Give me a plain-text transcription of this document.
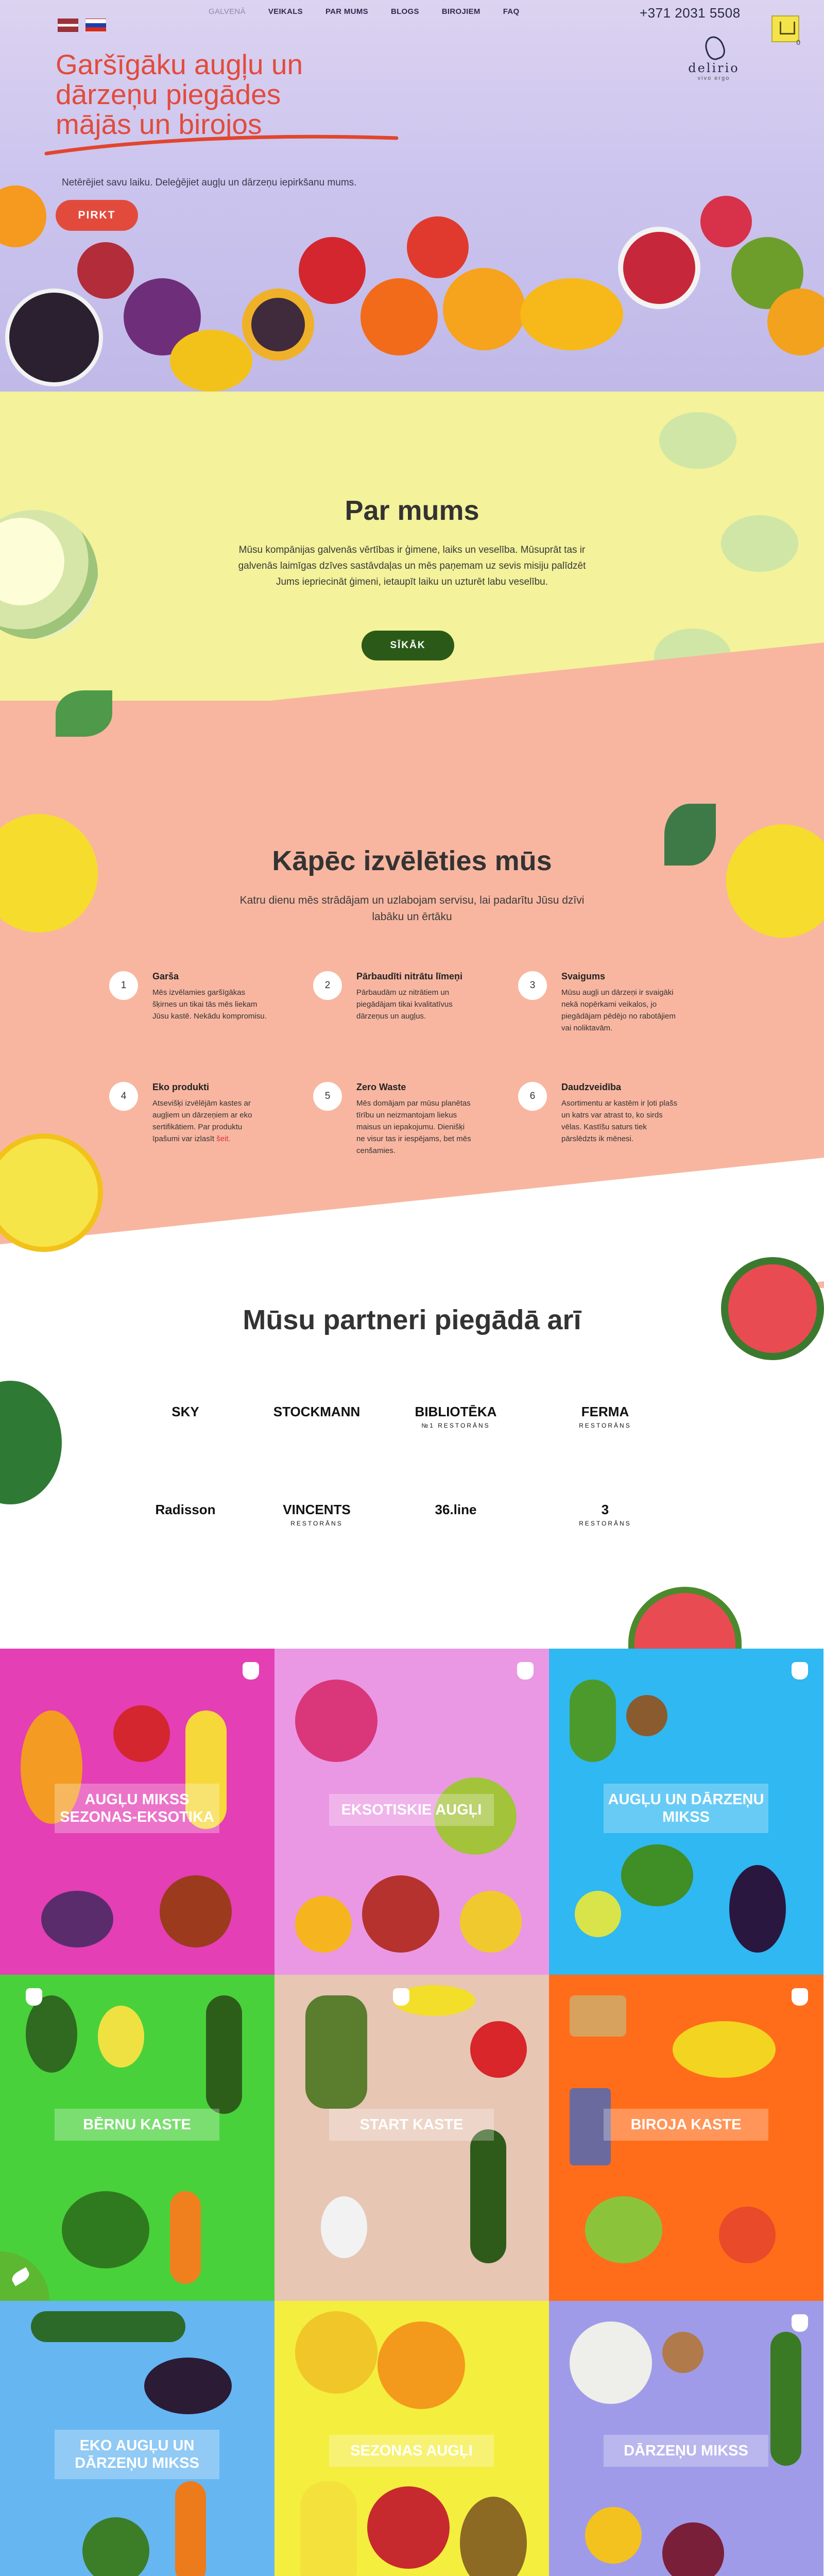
GALVENĀ	VEIKALS	PAR MUMS	BLOGS	BIROJIEM	FAQ	+371 2031 5508
0
delirio
vivo ergo
Garšīgāku augļu un dārzeņu piegādes mājās un birojos

Netērējiet savu laiku. Deleģējiet augļu un dārzeņu iepirkšanu mums.

PIRKT
Par mums

Mūsu kompānijas galvenās vērtības ir ģimene, laiks un veselība. Mūsuprāt tas ir galvenās laimīgas dzīves sastāvdaļas un mēs paņemam uz sevis misiju palīdzēt Jums iepriecināt ģimeni, ietaupīt laiku un uzturēt labu veselību.

SĪKĀK
Kāpēc izvēlēties mūs

Katru dienu mēs strādājam un uzlabojam servisu, lai padarītu Jūsu dzīvi labāku un ērtāku

1
Garša

Mēs izvēlamies garšīgākas šķirnes un tikai tās mēs liekam Jūsu kastē. Nekādu kompromisu.

2
Pārbaudīti nitrātu līmeņi

Pārbaudām uz nitrātiem un piegādājam tikai kvalitatīvus dārzeņus un augļus.

3
Svaigums

Mūsu augļi un dārzeņi ir svaigāki nekā nopērkami veikalos, jo piegādājam pēdējo no rabotājiem vai noliktavām.

4
Eko produkti

Atsevišķi izvēlējām kastes ar augļiem un dārzeņiem ar eko sertifikātiem. Par produktu īpašumi var izlasīt šeit.

5
Zero Waste

Mēs domājam par mūsu planētas tīrību un neizmantojam liekus maisus un iepakojumu. Dienišķi ne visur tas ir iespējams, bet mēs cenšamies.

6
Daudzveidība

Asortimentu ar kastēm ir ļoti plašs un katrs var atrast to, ko sirds vēlas. Kastīšu saturs tiek pārslēdzts ik mēnesi.

Mūsu partneri piegādā arī
SKY	STOCKMANN	BIBLIOTĒKA
№1 RESTORĀNS
FERMA
RESTORĀNS
Radisson	VINCENTS
RESTORĀNS
36.line	3
RESTORĀNS
AUGĻU MIKSS SEZONAS-EKSOTIKA	EKSOTISKIE AUGĻI
AUGĻU UN DĀRZEŅU MIKSS
BĒRNU KASTE	START KASTE	BIROJA KASTE
EKO AUGĻU UN DĀRZEŅU MIKSS
SEZONAS AUGĻI	DĀRZEŅU MIKSS
